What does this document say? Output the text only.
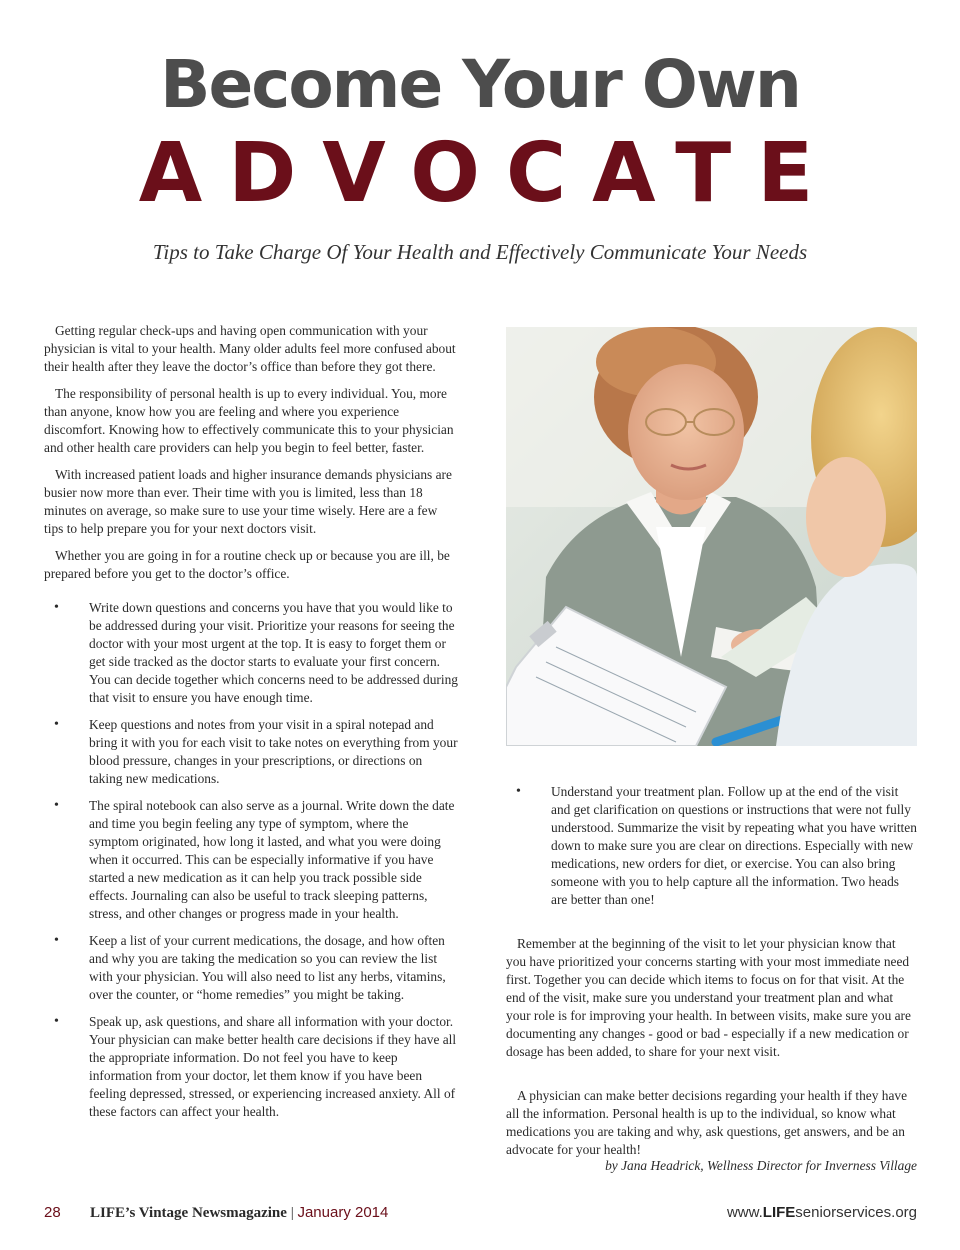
Become Your Own
ADVOCATE
Tips to Take Charge Of Your Health and Effectively Communicate Your Needs

Getting regular check-ups and having open communication with your physician is vital to your health. Many older adults feel more confused about their health after they leave the doctor’s office than before they got there.

The responsibility of personal health is up to every individual. You, more than anyone, know how you are feeling and where you experience discomfort. Knowing how to effectively communicate this to your physician and other health care providers can help you begin to feel better, faster.

With increased patient loads and higher insurance demands physicians are busier now more than ever. Their time with you is limited, less than 18 minutes on average, so make sure to use your time wisely. Here are a few tips to help prepare you for your next doctors visit.

Whether you are going in for a routine check up or because you are ill, be prepared before you get to the doctor’s office.

• Write down questions and concerns you have that you would like to be addressed during your visit. Prioritize your reasons for seeing the doctor with your most urgent at the top. It is easy to forget them or get side tracked as the doctor starts to evaluate your first concern. You can decide together which concerns need to be addressed during that visit to ensure you have enough time.
• Keep questions and notes from your visit in a spiral notepad and bring it with you for each visit to take notes on everything from your blood pressure, changes in your prescriptions, or directions on taking new medications.
• The spiral notebook can also serve as a journal. Write down the date and time you begin feeling any type of symptom, where the symptom originated, how long it lasted, and what you were doing when it occurred. This can be especially informative if you have started a new medication as it can help you track possible side effects. Journaling can also be useful to track sleeping patterns, stress, and other changes or progress made in your health.
• Keep a list of your current medications, the dosage, and how often and why you are taking the medication so you can review the list with your physician. You will also need to list any herbs, vitamins, over the counter, or “home remedies” you might be taking.
• Speak up, ask questions, and share all information with your doctor. Your physician can make better health care decisions if they have all the appropriate information. Do not feel you have to keep information from your doctor, let them know if you have been feeling depressed, stressed, or experiencing increased anxiety. All of these factors can affect your health.
• Understand your treatment plan. Follow up at the end of the visit and get clarification on questions or instructions that were not fully understood. Summarize the visit by repeating what you have written down to make sure you are clear on directions. Especially with new medications, new orders for diet, or exercise. You can also bring someone with you to help capture all the information. Two heads are better than one!

Remember at the beginning of the visit to let your physician know that you have prioritized your concerns starting with your most immediate need first. Together you can decide which items to focus on for that visit. At the end of the visit, make sure you understand your treatment plan and what your role is for improving your health. In between visits, make sure you are documenting any changes - good or bad - especially if a new medication or dosage has been added, to share for your next visit.

A physician can make better decisions regarding your health if they have all the information. Personal health is up to the individual, so know what medications you are taking and why, ask questions, get answers, and be an advocate for your health!

by Jana Headrick, Wellness Director for Inverness Village
28 LIFE’s Vintage Newsmagazine | January 2014	www.LIFEseniorservices.org
